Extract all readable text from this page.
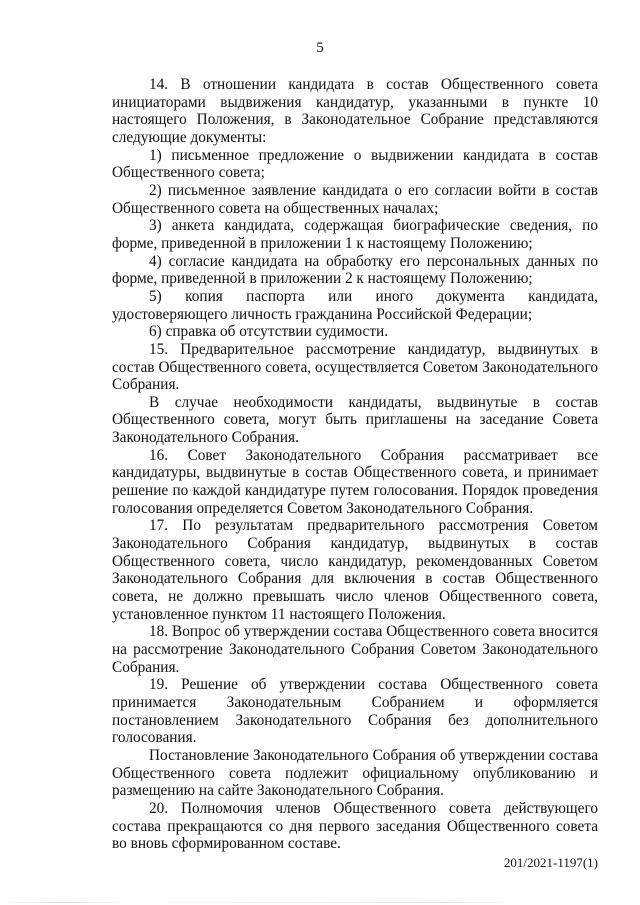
5

14. В отношении кандидата в состав Общественного совета инициаторами выдвижения кандидатур, указанными в пункте 10 настоящего Положения, в Законодательное Собрание представляются следующие документы:

1) письменное предложение о выдвижении кандидата в состав Общественного совета;

2) письменное заявление кандидата о его согласии войти в состав Общественного совета на общественных началах;

3) анкета кандидата, содержащая биографические сведения, по форме, приведенной в приложении 1 к настоящему Положению;

4) согласие кандидата на обработку его персональных данных по форме, приведенной в приложении 2 к настоящему Положению;

5) копия паспорта или иного документа кандидата, удостоверяющего личность гражданина Российской Федерации;

6) справка об отсутствии судимости.

15. Предварительное рассмотрение кандидатур, выдвинутых в состав Общественного совета, осуществляется Советом Законодательного Собрания.

В случае необходимости кандидаты, выдвинутые в состав Общественного совета, могут быть приглашены на заседание Совета Законодательного Собрания.

16. Совет Законодательного Собрания рассматривает все кандидатуры, выдвинутые в состав Общественного совета, и принимает решение по каждой кандидатуре путем голосования. Порядок проведения голосования определяется Советом Законодательного Собрания.

17. По результатам предварительного рассмотрения Советом Законодательного Собрания кандидатур, выдвинутых в состав Общественного совета, число кандидатур, рекомендованных Советом Законодательного Собрания для включения в состав Общественного совета, не должно превышать число членов Общественного совета, установленное пунктом 11 настоящего Положения.

18. Вопрос об утверждении состава Общественного совета вносится на рассмотрение Законодательного Собрания Советом Законодательного Собрания.

19. Решение об утверждении состава Общественного совета принимается Законодательным Собранием и оформляется постановлением Законодательного Собрания без дополнительного голосования.

Постановление Законодательного Собрания об утверждении состава Общественного совета подлежит официальному опубликованию и размещению на сайте Законодательного Собрания.

20. Полномочия членов Общественного совета действующего состава прекращаются со дня первого заседания Общественного совета во вновь сформированном составе.

201/2021-1197(1)
